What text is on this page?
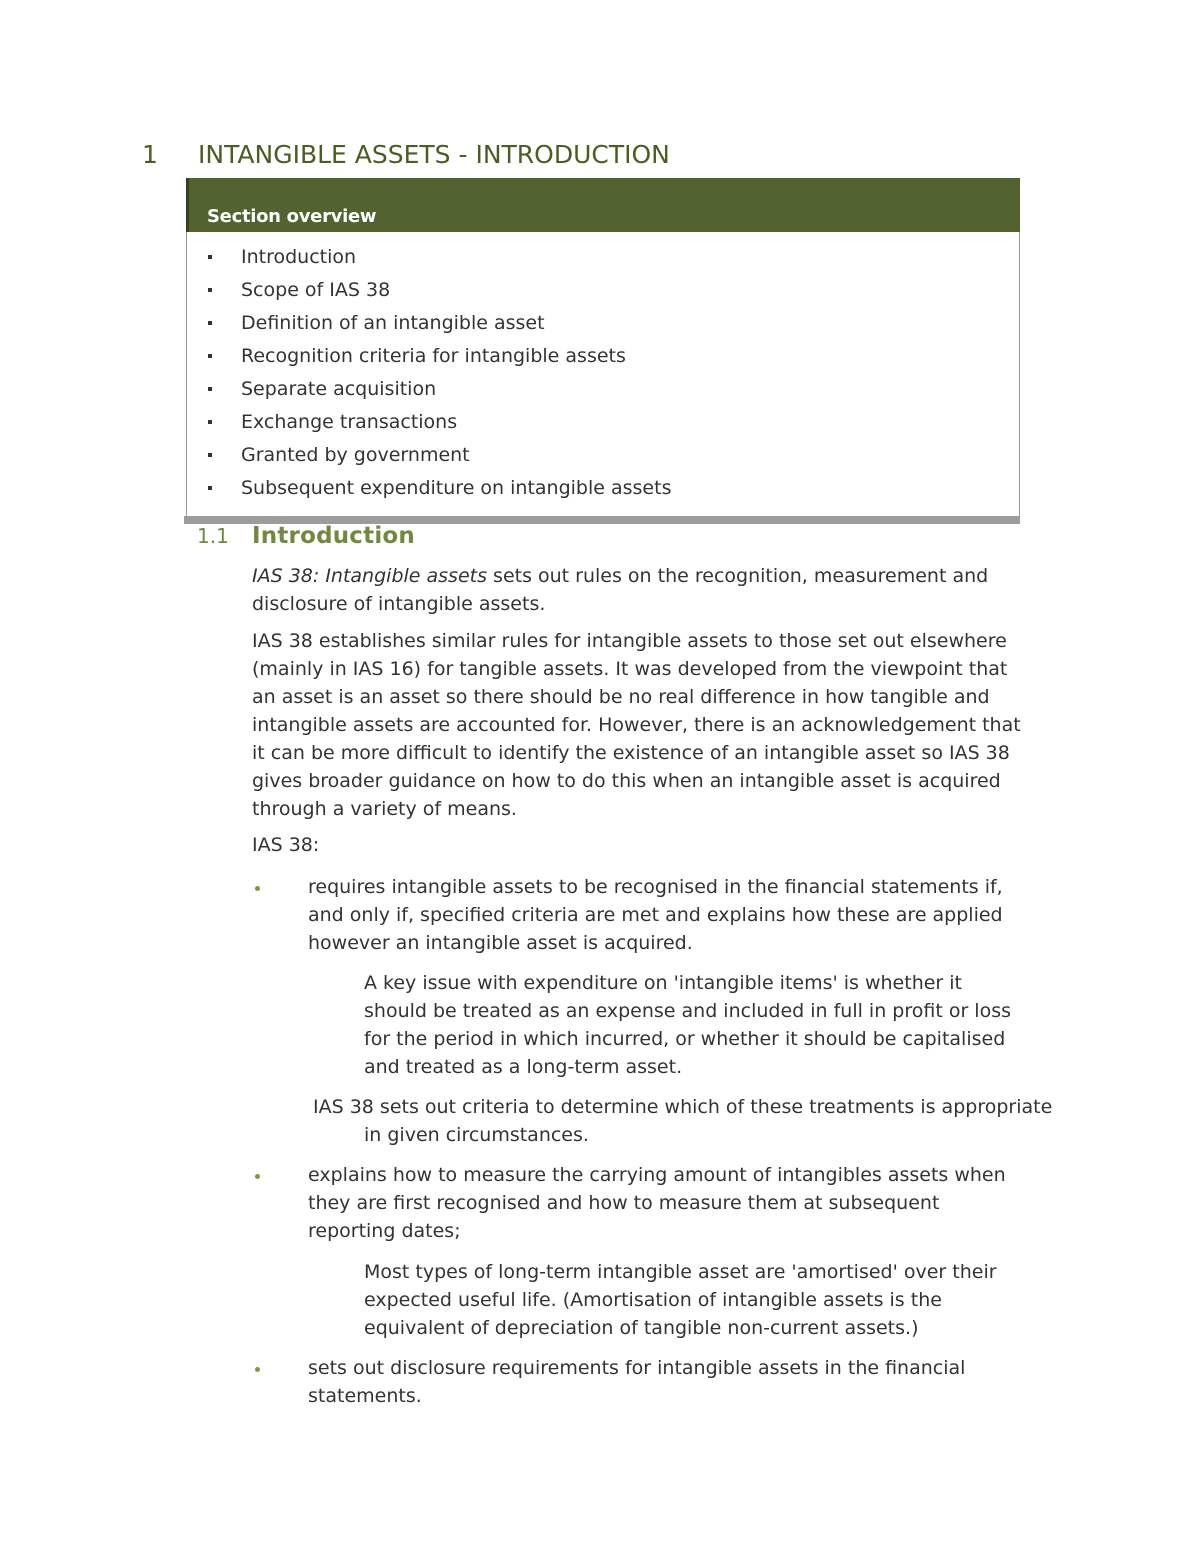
1 INTANGIBLE ASSETS - INTRODUCTION
Section overview
Introduction
Scope of IAS 38
Definition of an intangible asset
Recognition criteria for intangible assets
Separate acquisition
Exchange transactions
Granted by government
Subsequent expenditure on intangible assets
1.1 Introduction
IAS 38: Intangible assets sets out rules on the recognition, measurement and disclosure of intangible assets.
IAS 38 establishes similar rules for intangible assets to those set out elsewhere (mainly in IAS 16) for tangible assets. It was developed from the viewpoint that an asset is an asset so there should be no real difference in how tangible and intangible assets are accounted for. However, there is an acknowledgement that it can be more difficult to identify the existence of an intangible asset so IAS 38 gives broader guidance on how to do this when an intangible asset is acquired through a variety of means.
IAS 38:
requires intangible assets to be recognised in the financial statements if, and only if, specified criteria are met and explains how these are applied however an intangible asset is acquired.
A key issue with expenditure on 'intangible items' is whether it should be treated as an expense and included in full in profit or loss for the period in which incurred, or whether it should be capitalised and treated as a long-term asset.
IAS 38 sets out criteria to determine which of these treatments is appropriate in given circumstances.
explains how to measure the carrying amount of intangibles assets when they are first recognised and how to measure them at subsequent reporting dates;
Most types of long-term intangible asset are 'amortised' over their expected useful life. (Amortisation of intangible assets is the equivalent of depreciation of tangible non-current assets.)
sets out disclosure requirements for intangible assets in the financial statements.
